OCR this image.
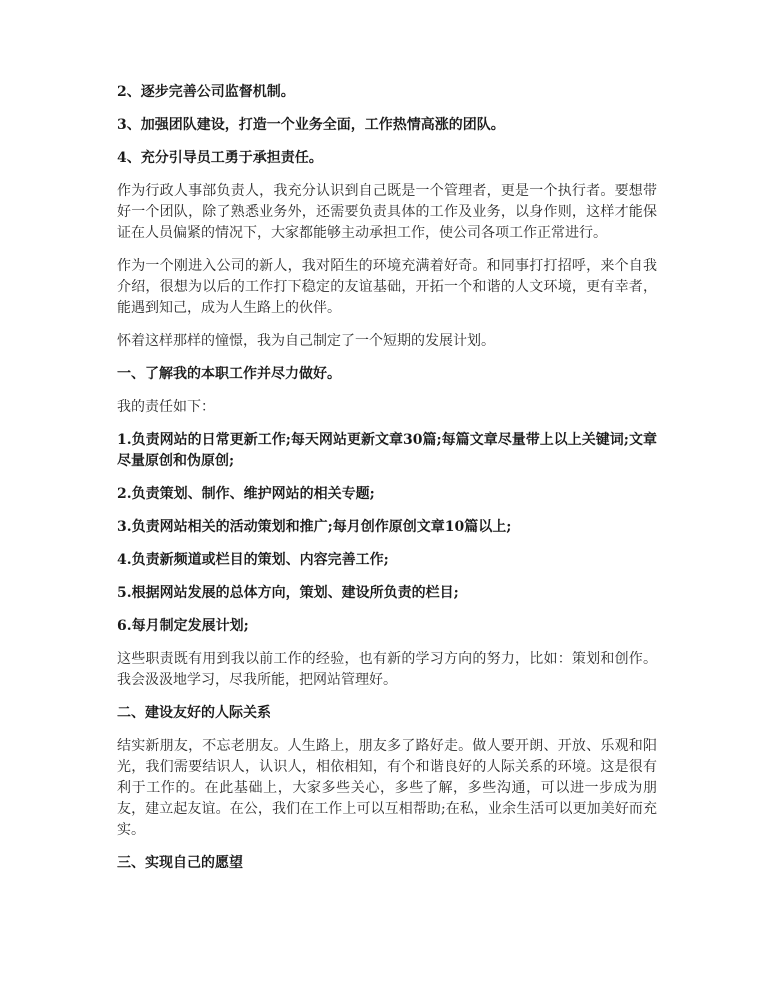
2、逐步完善公司监督机制。

3、加强团队建设，打造一个业务全面，工作热情高涨的团队。

4、充分引导员工勇于承担责任。

作为行政人事部负责人，我充分认识到自己既是一个管理者，更是一个执行者。要想带好一个团队，除了熟悉业务外，还需要负责具体的工作及业务，以身作则，这样才能保证在人员偏紧的情况下，大家都能够主动承担工作，使公司各项工作正常进行。

作为一个刚进入公司的新人，我对陌生的环境充满着好奇。和同事打打招呼，来个自我介绍，很想为以后的工作打下稳定的友谊基础，开拓一个和谐的人文环境，更有幸者，能遇到知己，成为人生路上的伙伴。

怀着这样那样的憧憬，我为自己制定了一个短期的发展计划。

一、了解我的本职工作并尽力做好。

我的责任如下：

1.负责网站的日常更新工作;每天网站更新文章30篇;每篇文章尽量带上以上关键词;文章尽量原创和伪原创;

2.负责策划、制作、维护网站的相关专题;

3.负责网站相关的活动策划和推广;每月创作原创文章10篇以上;

4.负责新频道或栏目的策划、内容完善工作;

5.根据网站发展的总体方向，策划、建设所负责的栏目;

6.每月制定发展计划;

这些职责既有用到我以前工作的经验，也有新的学习方向的努力，比如：策划和创作。我会汲汲地学习，尽我所能，把网站管理好。

二、建设友好的人际关系

结实新朋友，不忘老朋友。人生路上，朋友多了路好走。做人要开朗、开放、乐观和阳光，我们需要结识人，认识人，相依相知，有个和谐良好的人际关系的环境。这是很有利于工作的。在此基础上，大家多些关心，多些了解，多些沟通，可以进一步成为朋友，建立起友谊。在公，我们在工作上可以互相帮助;在私，业余生活可以更加美好而充实。

三、实现自己的愿望
